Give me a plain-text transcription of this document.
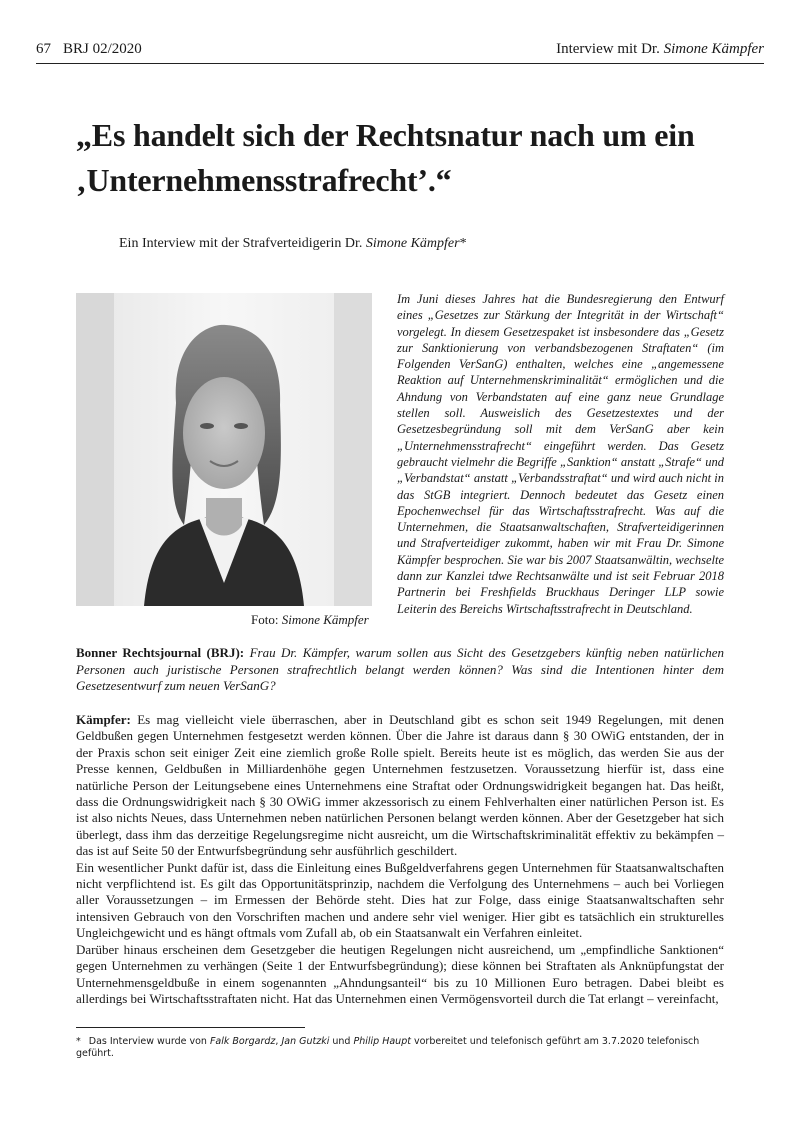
67 BRJ 02/2020	Interview mit Dr. Simone Kämpfer
„Es handelt sich der Rechtsnatur nach um ein ‚Unternehmensstrafrecht’.“
Ein Interview mit der Strafverteidigerin Dr. Simone Kämpfer*
Foto: Simone Kämpfer

Im Juni dieses Jahres hat die Bundesregierung den Entwurf eines „Gesetzes zur Stärkung der Integrität in der Wirtschaft“ vorgelegt. In diesem Gesetzespaket ist insbesondere das „Gesetz zur Sanktionierung von verbandsbezogenen Straftaten“ (im Folgenden VerSanG) enthalten, welches eine „angemessene Reaktion auf Unternehmenskriminalität“ ermöglichen und die Ahndung von Verbandstaten auf eine ganz neue Grundlage stellen soll. Ausweislich des Gesetzestextes und der Gesetzesbegründung soll mit dem VerSanG aber kein „Unternehmensstrafrecht“ eingeführt werden. Das Gesetz gebraucht vielmehr die Begriffe „Sanktion“ anstatt „Strafe“ und „Verbandstat“ anstatt „Verbandsstraftat“ und wird auch nicht in das StGB integriert. Dennoch bedeutet das Gesetz einen Epochenwechsel für das Wirtschaftsstrafrecht. Was auf die Unternehmen, die Staatsanwaltschaften, Strafverteidigerinnen und Strafverteidiger zukommt, haben wir mit Frau Dr. Simone Kämpfer besprochen. Sie war bis 2007 Staatsanwältin, wechselte dann zur Kanzlei tdwe Rechtsanwälte und ist seit Februar 2018 Partnerin bei Freshfields Bruckhaus Deringer LLP sowie Leiterin des Bereichs Wirtschaftsstrafrecht in Deutschland.

Bonner Rechtsjournal (BRJ): Frau Dr. Kämpfer, warum sollen aus Sicht des Gesetzgebers künftig neben natürlichen Personen auch juristische Personen strafrechtlich belangt werden können? Was sind die Intentionen hinter dem Gesetzesentwurf zum neuen VerSanG?

Kämpfer: Es mag vielleicht viele überraschen, aber in Deutschland gibt es schon seit 1949 Regelungen, mit denen Geldbußen gegen Unternehmen festgesetzt werden können. Über die Jahre ist daraus dann § 30 OWiG entstanden, der in der Praxis schon seit einiger Zeit eine ziemlich große Rolle spielt. Bereits heute ist es möglich, das werden Sie aus der Presse kennen, Geldbußen in Milliardenhöhe gegen Unternehmen festzusetzen. Voraussetzung hierfür ist, dass eine natürliche Person der Leitungsebene eines Unternehmens eine Straftat oder Ordnungswidrigkeit begangen hat. Das heißt, dass die Ordnungswidrigkeit nach § 30 OWiG immer akzessorisch zu einem Fehlverhalten einer natürlichen Person ist. Es ist also nichts Neues, dass Unternehmen neben natürlichen Personen belangt werden können. Aber der Gesetzgeber hat sich überlegt, dass ihm das derzeitige Regelungsregime nicht ausreicht, um die Wirtschaftskriminalität effektiv zu bekämpfen – das ist auf Seite 50 der Entwurfsbegründung sehr ausführlich geschildert.

Ein wesentlicher Punkt dafür ist, dass die Einleitung eines Bußgeldverfahrens gegen Unternehmen für Staatsanwaltschaften nicht verpflichtend ist. Es gilt das Opportunitätsprinzip, nachdem die Verfolgung des Unternehmens – auch bei Vorliegen aller Voraussetzungen – im Ermessen der Behörde steht. Dies hat zur Folge, dass einige Staatsanwaltschaften sehr intensiven Gebrauch von den Vorschriften machen und andere sehr viel weniger. Hier gibt es tatsächlich ein strukturelles Ungleichgewicht und es hängt oftmals vom Zufall ab, ob ein Staatsanwalt ein Verfahren einleitet.

Darüber hinaus erscheinen dem Gesetzgeber die heutigen Regelungen nicht ausreichend, um „empfindliche Sanktionen“ gegen Unternehmen zu verhängen (Seite 1 der Entwurfsbegründung); diese können bei Straftaten als Anknüpfungstat der Unternehmensgeldbuße in einem sogenannten „Ahndungsanteil“ bis zu 10 Millionen Euro betragen. Dabei bleibt es allerdings bei Wirtschaftsstraftaten nicht. Hat das Unternehmen einen Vermögensvorteil durch die Tat erlangt – vereinfacht,

* Das Interview wurde von Falk Borgardz, Jan Gutzki und Philip Haupt vorbereitet und telefonisch geführt am 3.7.2020 telefonisch geführt.
